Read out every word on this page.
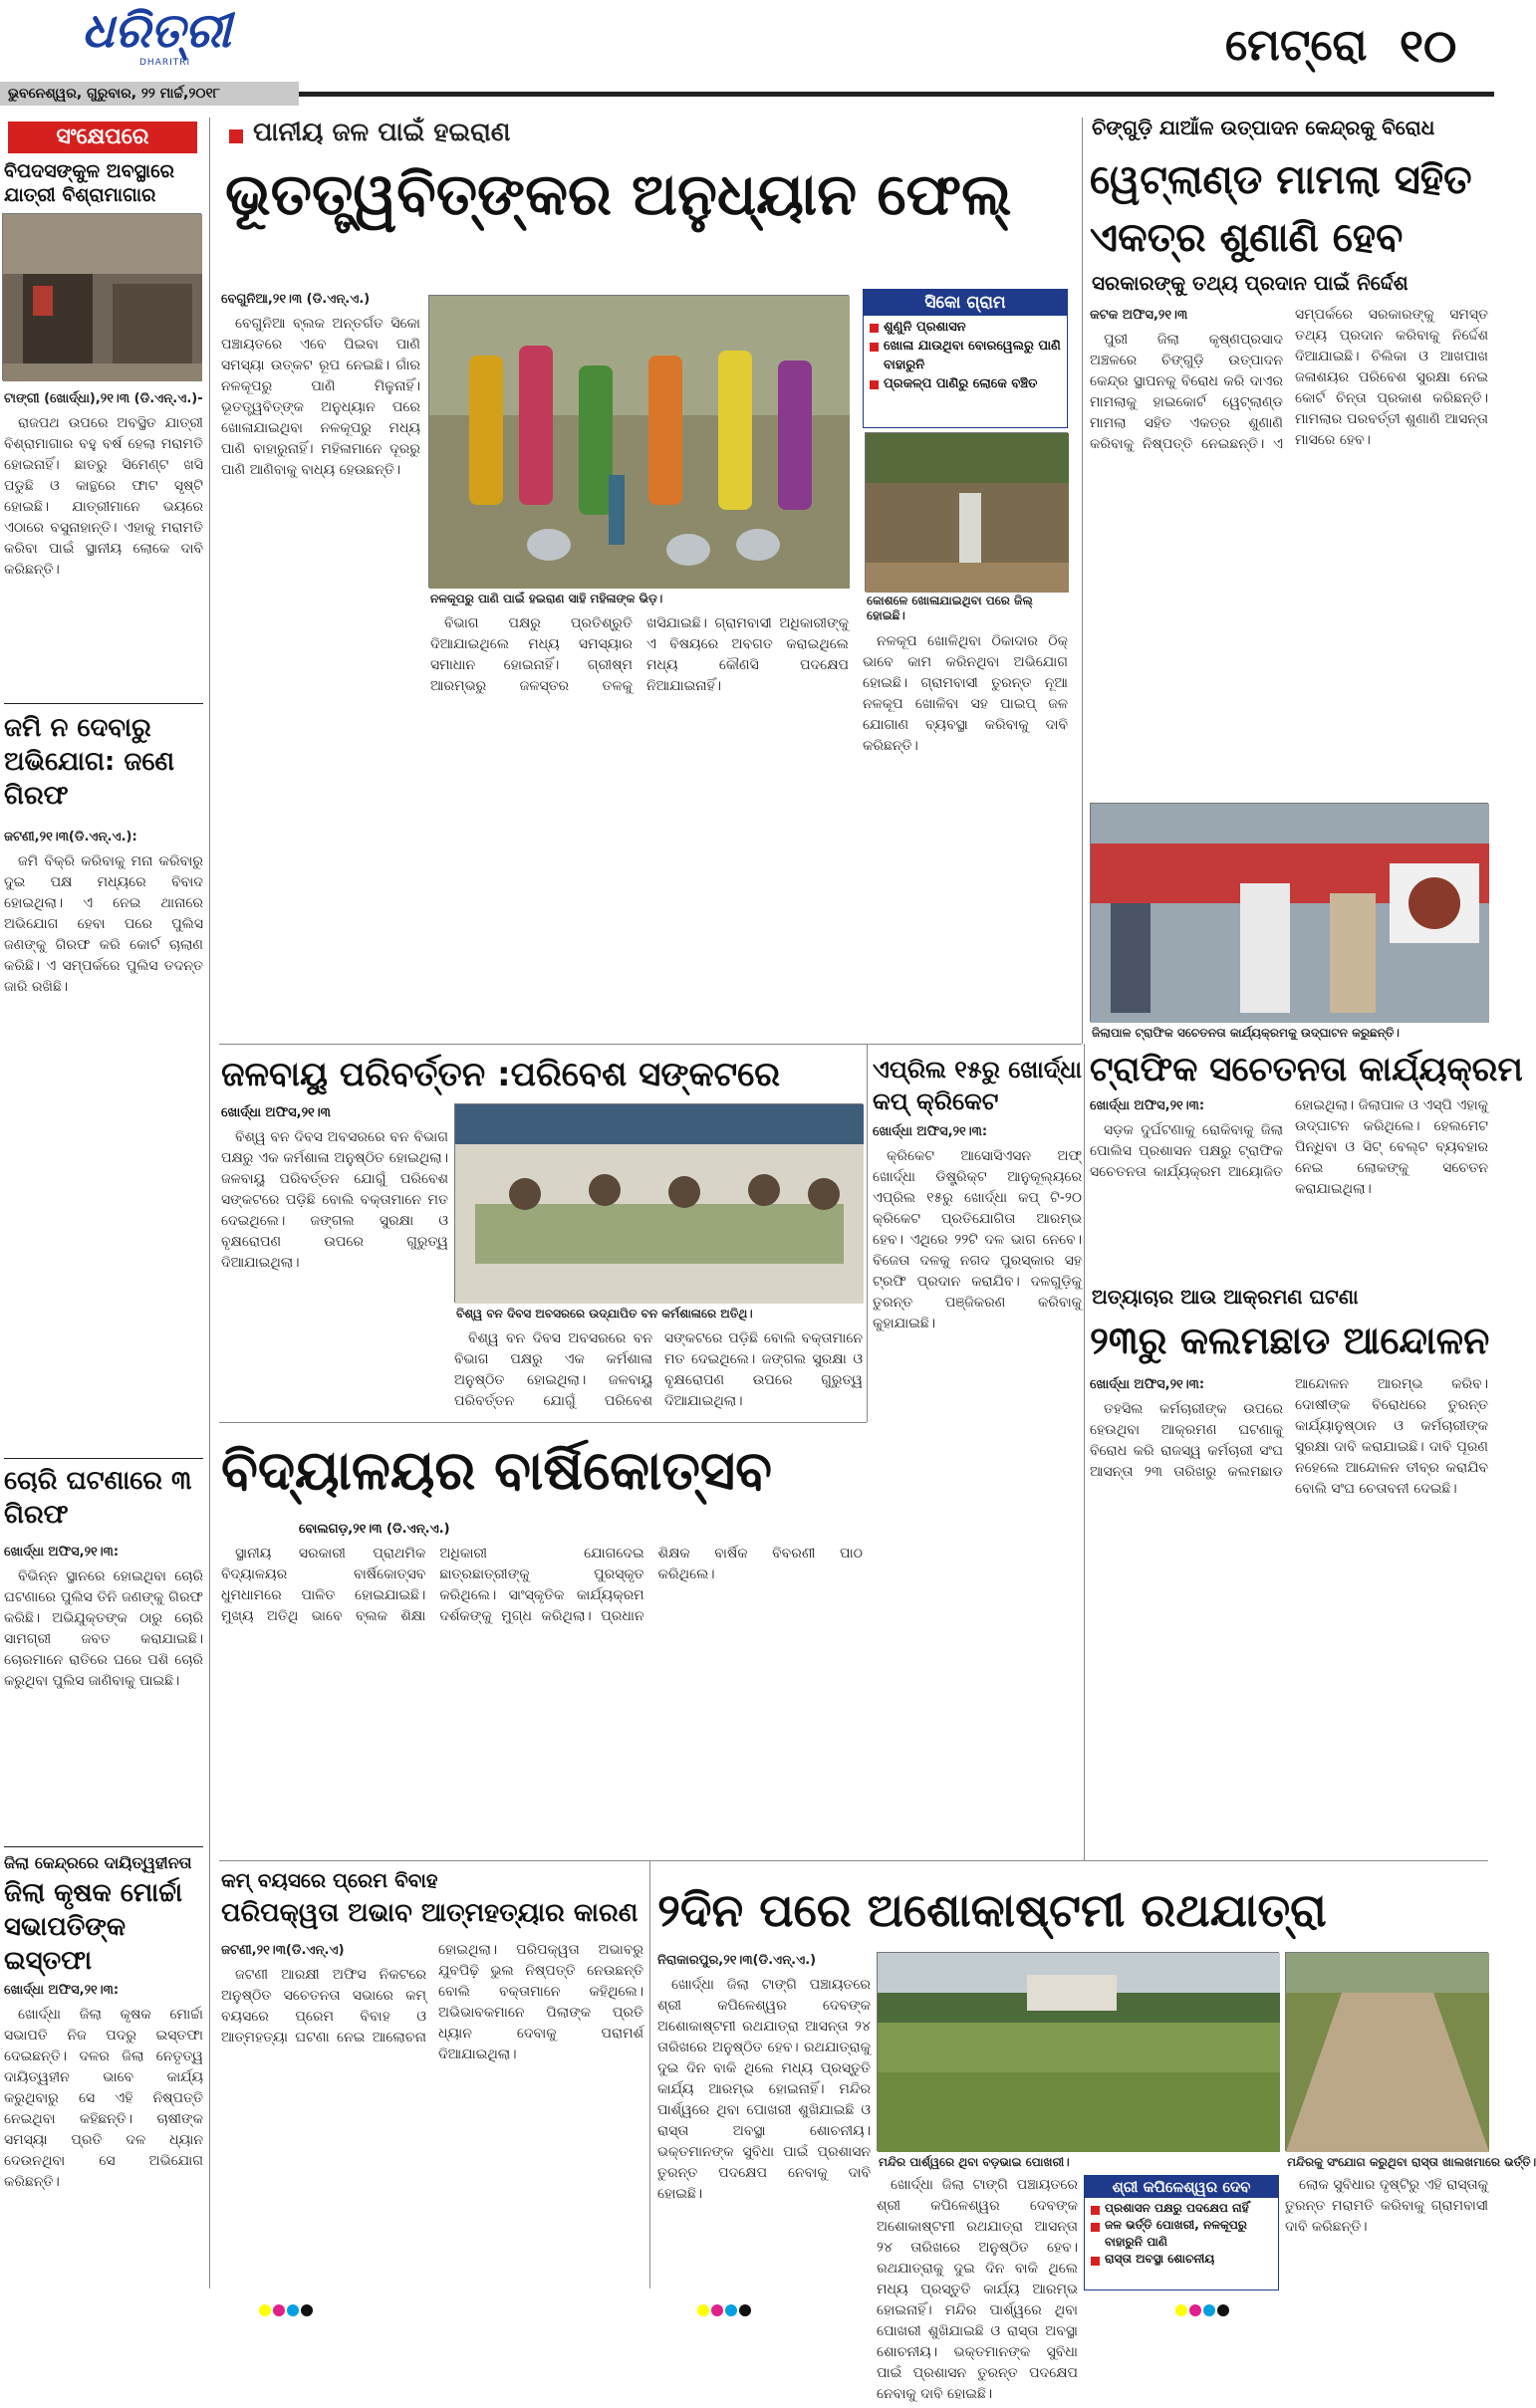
ଧରିତ୍ରୀ
DHARITRI	ମେଟ୍ରୋ ୧୦
ଭୁବନେଶ୍ୱର, ଗୁରୁବାର, ୨୨ ମାର୍ଚ୍ଚ,୨୦୧୮
ସଂକ୍ଷେପରେ
ବିପଦସଙ୍କୁଳ ଅବସ୍ଥାରେ ଯାତ୍ରୀ ବିଶ୍ରାମାଗାର

ଟାଙ୍ଗୀ (ଖୋର୍ଦ୍ଧା),୨୧।୩ (ଡି.ଏନ୍‌.ଏ.)-

ରାଜପଥ ଉପରେ ଅବସ୍ଥିତ ଯାତ୍ରୀ ବିଶ୍ରାମାଗାର ବହୁ ବର୍ଷ ହେଲା ମରାମତି ହୋଇନାହିଁ। ଛାତରୁ ସିମେଣ୍ଟ ଖସି ପଡୁଛି ଓ କାନ୍ଥରେ ଫାଟ ସୃଷ୍ଟି ହୋଇଛି। ଯାତ୍ରୀମାନେ ଭୟରେ ଏଠାରେ ବସୁନାହାନ୍ତି। ଏହାକୁ ମରାମତି କରିବା ପାଇଁ ସ୍ଥାନୀୟ ଲୋକେ ଦାବି କରିଛନ୍ତି।

ଜମି ନ ଦେବାରୁ ଅଭିଯୋଗ: ଜଣେ ଗିରଫ

ଜଟଣୀ,୨୧।୩(ଡି.ଏନ୍‌.ଏ.):

ଜମି ବିକ୍ରି କରିବାକୁ ମନା କରିବାରୁ ଦୁଇ ପକ୍ଷ ମଧ୍ୟରେ ବିବାଦ ହୋଇଥିଲା। ଏ ନେଇ ଥାନାରେ ଅଭିଯୋଗ ହେବା ପରେ ପୁଲିସ ଜଣଙ୍କୁ ଗିରଫ କରି କୋର୍ଟ ଚାଲାଣ କରିଛି। ଏ ସମ୍ପର୍କରେ ପୁଲିସ ତଦନ୍ତ ଜାରି ରଖିଛି।

ଚୋରି ଘଟଣାରେ ୩ ଗିରଫ

ଖୋର୍ଦ୍ଧା ଅଫିସ,୨୧।୩:

ବିଭିନ୍ନ ସ୍ଥାନରେ ହୋଇଥିବା ଚୋରି ଘଟଣାରେ ପୁଲିସ ତିନି ଜଣଙ୍କୁ ଗିରଫ କରିଛି। ଅଭିଯୁକ୍ତଙ୍କ ଠାରୁ ଚୋରି ସାମଗ୍ରୀ ଜବତ କରାଯାଇଛି। ଚୋରମାନେ ରାତିରେ ଘରେ ପଶି ଚୋରି କରୁଥିବା ପୁଲିସ ଜାଣିବାକୁ ପାଇଛି।

ଜିଲା କେନ୍ଦ୍ରରେ ଦାୟିତ୍ୱହୀନତା
ଜିଲା କୃଷକ ମୋର୍ଚ୍ଚା ସଭାପତିଙ୍କ ଇସ୍ତଫା

ଖୋର୍ଦ୍ଧା ଅଫିସ,୨୧।୩:

ଖୋର୍ଦ୍ଧା ଜିଲା କୃଷକ ମୋର୍ଚ୍ଚା ସଭାପତି ନିଜ ପଦରୁ ଇସ୍ତଫା ଦେଇଛନ୍ତି। ଦଳର ଜିଲା ନେତୃତ୍ୱ ଦାୟିତ୍ୱହୀନ ଭାବେ କାର୍ଯ୍ୟ କରୁଥିବାରୁ ସେ ଏହି ନିଷ୍ପତ୍ତି ନେଇଥିବା କହିଛନ୍ତି। ଚାଷୀଙ୍କ ସମସ୍ୟା ପ୍ରତି ଦଳ ଧ୍ୟାନ ଦେଉନଥିବା ସେ ଅଭିଯୋଗ କରିଛନ୍ତି।

ପାନୀୟ ଜଳ ପାଇଁ ହଇରାଣ
ଭୂତତ୍ତ୍ୱବିତ୍‌ଙ୍କର ଅନୁଧ୍ୟାନ ଫେଲ୍‌

ବେଗୁନିଆ,୨୧।୩ (ଡି.ଏନ୍‌.ଏ.)

ବେଗୁନିଆ ବ୍ଲକ ଅନ୍ତର୍ଗତ ସିକୋ ପଞ୍ଚାୟତରେ ଏବେ ପିଇବା ପାଣି ସମସ୍ୟା ଉତ୍କଟ ରୂପ ନେଇଛି। ଗାଁର ନଳକୂପରୁ ପାଣି ମିଳୁନାହିଁ। ଭୂତତ୍ତ୍ୱବିତ୍‌ଙ୍କ ଅନୁଧ୍ୟାନ ପରେ ଖୋଳାଯାଇଥିବା ନଳକୂପରୁ ମଧ୍ୟ ପାଣି ବାହାରୁନାହିଁ। ମହିଳାମାନେ ଦୂରରୁ ପାଣି ଆଣିବାକୁ ବାଧ୍ୟ ହେଉଛନ୍ତି।

ନଳକୂପରୁ ପାଣି ପାଇଁ ହଇରାଣ ସାହି ମହିଳାଙ୍କ ଭିଡ଼।
ସିକୋ ଗ୍ରାମ
ଶୁଣୁନି ପ୍ରଶାସନ
ଖୋଳା ଯାଉଥିବା ବୋରୱେଲରୁ ପାଣି ବାହାରୁନି
ପ୍ରକଳ୍ପ ପାଣିରୁ ଲୋକେ ବଞ୍ଚିତ
କୋଶଳେ ଖୋଳାଯାଇଥିବା ପରେ ଜିଲ୍ ହୋଇଛି।

ବିଭାଗ ପକ୍ଷରୁ ପ୍ରତିଶ୍ରୁତି ଦିଆଯାଇଥିଲେ ମଧ୍ୟ ସମସ୍ୟାର ସମାଧାନ ହୋଇନାହିଁ। ଗ୍ରୀଷ୍ମ ଆରମ୍ଭରୁ ଜଳସ୍ତର ତଳକୁ ଖସିଯାଇଛି। ଗ୍ରାମବାସୀ ଅଧିକାରୀଙ୍କୁ ଏ ବିଷୟରେ ଅବଗତ କରାଇଥିଲେ ମଧ୍ୟ କୌଣସି ପଦକ୍ଷେପ ନିଆଯାଇନାହିଁ।

ନଳକୂପ ଖୋଳିଥିବା ଠିକାଦାର ଠିକ୍‌ ଭାବେ କାମ କରିନଥିବା ଅଭିଯୋଗ ହୋଇଛି। ଗ୍ରାମବାସୀ ତୁରନ୍ତ ନୂଆ ନଳକୂପ ଖୋଳିବା ସହ ପାଇପ୍‌ ଜଳ ଯୋଗାଣ ବ୍ୟବସ୍ଥା କରିବାକୁ ଦାବି କରିଛନ୍ତି।

ଚିଙ୍ଗୁଡ଼ି ଯାଆଁଳ ଉତ୍ପାଦନ କେନ୍ଦ୍ରକୁ ବିରୋଧ
ୱେଟ୍‌ଲାଣ୍ଡ ମାମଲା ସହିତ ଏକତ୍ର ଶୁଣାଣି ହେବ
ସରକାରଙ୍କୁ ତଥ୍ୟ ପ୍ରଦାନ ପାଇଁ ନିର୍ଦ୍ଦେଶ

କଟକ ଅଫିସ,୨୧।୩

ପୁରୀ ଜିଲା କୃଷ୍ଣପ୍ରସାଦ ଅଞ୍ଚଳରେ ଚିଙ୍ଗୁଡ଼ି ଉତ୍ପାଦନ କେନ୍ଦ୍ର ସ୍ଥାପନକୁ ବିରୋଧ କରି ଦାଏର ମାମଲାକୁ ହାଇକୋର୍ଟ ୱେଟ୍‌ଲାଣ୍ଡ ମାମଲା ସହିତ ଏକତ୍ର ଶୁଣାଣି କରିବାକୁ ନିଷ୍ପତ୍ତି ନେଇଛନ୍ତି। ଏ ସମ୍ପର୍କରେ ସରକାରଙ୍କୁ ସମସ୍ତ ତଥ୍ୟ ପ୍ରଦାନ କରିବାକୁ ନିର୍ଦ୍ଦେଶ ଦିଆଯାଇଛି। ଚିଲିକା ଓ ଆଖପାଖ ଜଳାଶୟର ପରିବେଶ ସୁରକ୍ଷା ନେଇ କୋର୍ଟ ଚିନ୍ତା ପ୍ରକାଶ କରିଛନ୍ତି। ମାମଲାର ପରବର୍ତ୍ତୀ ଶୁଣାଣି ଆସନ୍ତା ମାସରେ ହେବ।

ଜିଲାପାଳ ଟ୍ରାଫିକ ସଚେତନତା କାର୍ଯ୍ୟକ୍ରମକୁ ଉଦ୍‌ଘାଟନ କରୁଛନ୍ତି।
ଟ୍ରାଫିକ ସଚେତନତା କାର୍ଯ୍ୟକ୍ରମ

ଖୋର୍ଦ୍ଧା ଅଫିସ,୨୧।୩:

ସଡ଼କ ଦୁର୍ଘଟଣାକୁ ରୋକିବାକୁ ଜିଲା ପୋଲିସ ପ୍ରଶାସନ ପକ୍ଷରୁ ଟ୍ରାଫିକ ସଚେତନତା କାର୍ଯ୍ୟକ୍ରମ ଆୟୋଜିତ ହୋଇଥିଲା। ଜିଲାପାଳ ଓ ଏସ୍‌ପି ଏହାକୁ ଉଦ୍‌ଘାଟନ କରିଥିଲେ। ହେଲମେଟ ପିନ୍ଧିବା ଓ ସିଟ୍‌ ବେଲ୍ଟ ବ୍ୟବହାର ନେଇ ଲୋକଙ୍କୁ ସଚେତନ କରାଯାଇଥିଲା।

ଜଳବାୟୁ ପରିବର୍ତ୍ତନ :ପରିବେଶ ସଙ୍କଟରେ
ଖୋର୍ଦ୍ଧା ଅଫିସ,୨୧।୩

ବିଶ୍ୱ ବନ ଦିବସ ଅବସରରେ ବନ ବିଭାଗ ପକ୍ଷରୁ ଏକ କର୍ମଶାଳା ଅନୁଷ୍ଠିତ ହୋଇଥିଲା। ଜଳବାୟୁ ପରିବର୍ତ୍ତନ ଯୋଗୁଁ ପରିବେଶ ସଙ୍କଟରେ ପଡ଼ିଛି ବୋଲି ବକ୍ତାମାନେ ମତ ଦେଇଥିଲେ। ଜଙ୍ଗଲ ସୁରକ୍ଷା ଓ ବୃକ୍ଷରୋପଣ ଉପରେ ଗୁରୁତ୍ୱ ଦିଆଯାଇଥିଲା।

ବିଶ୍ୱ ବନ ଦିବସ ଅବସରରେ ଉଦ୍‌ଯାପିତ ବନ କର୍ମଶାଳାରେ ଅତିଥି।

ବିଶ୍ୱ ବନ ଦିବସ ଅବସରରେ ବନ ବିଭାଗ ପକ୍ଷରୁ ଏକ କର୍ମଶାଳା ଅନୁଷ୍ଠିତ ହୋଇଥିଲା। ଜଳବାୟୁ ପରିବର୍ତ୍ତନ ଯୋଗୁଁ ପରିବେଶ ସଙ୍କଟରେ ପଡ଼ିଛି ବୋଲି ବକ୍ତାମାନେ ମତ ଦେଇଥିଲେ। ଜଙ୍ଗଲ ସୁରକ୍ଷା ଓ ବୃକ୍ଷରୋପଣ ଉପରେ ଗୁରୁତ୍ୱ ଦିଆଯାଇଥିଲା।

ଏପ୍ରିଲ ୧୫ରୁ ଖୋର୍ଦ୍ଧା କପ୍ କ୍ରିକେଟ

ଖୋର୍ଦ୍ଧା ଅଫିସ,୨୧।୩:

କ୍ରିକେଟ ଆସୋସିଏସନ ଅଫ୍‌ ଖୋର୍ଦ୍ଧା ଡିଷ୍ଟ୍ରିକ୍ଟ ଆନୁକୂଲ୍ୟରେ ଏପ୍ରିଲ ୧୫ରୁ ଖୋର୍ଦ୍ଧା କପ୍ ଟି-୨୦ କ୍ରିକେଟ ପ୍ରତିଯୋଗିତା ଆରମ୍ଭ ହେବ। ଏଥିରେ ୨୨ଟି ଦଳ ଭାଗ ନେବେ। ବିଜେତା ଦଳକୁ ନଗଦ ପୁରସ୍କାର ସହ ଟ୍ରଫି ପ୍ରଦାନ କରାଯିବ। ଦଳଗୁଡ଼ିକୁ ତୁରନ୍ତ ପଞ୍ଜିକରଣ କରିବାକୁ କୁହାଯାଇଛି।

ଅତ୍ୟାଚାର ଆଉ ଆକ୍ରମଣ ଘଟଣା
୨୩ରୁ କଲମଛାଡ ଆନ୍ଦୋଳନ

ଖୋର୍ଦ୍ଧା ଅଫିସ,୨୧।୩:

ତହସିଲ କର୍ମଚାରୀଙ୍କ ଉପରେ ହେଉଥିବା ଆକ୍ରମଣ ଘଟଣାକୁ ବିରୋଧ କରି ରାଜସ୍ୱ କର୍ମଚାରୀ ସଂଘ ଆସନ୍ତା ୨୩ ତାରିଖରୁ କଲମଛାଡ ଆନ୍ଦୋଳନ ଆରମ୍ଭ କରିବ। ଦୋଷୀଙ୍କ ବିରୋଧରେ ତୁରନ୍ତ କାର୍ଯ୍ୟାନୁଷ୍ଠାନ ଓ କର୍ମଚାରୀଙ୍କ ସୁରକ୍ଷା ଦାବି କରାଯାଇଛି। ଦାବି ପୂରଣ ନହେଲେ ଆନ୍ଦୋଳନ ତୀବ୍ର କରାଯିବ ବୋଲି ସଂଘ ଚେତାବନୀ ଦେଇଛି।

ବିଦ୍ୟାଳୟର ବାର୍ଷିକୋତ୍ସବ
ବୋଲଗଡ଼,୨୧।୩ (ଡି.ଏନ୍‌.ଏ.)

ସ୍ଥାନୀୟ ସରକାରୀ ପ୍ରାଥମିକ ବିଦ୍ୟାଳୟର ବାର୍ଷିକୋତ୍ସବ ଧୁମଧାମରେ ପାଳିତ ହୋଇଯାଇଛି। ମୁଖ୍ୟ ଅତିଥି ଭାବେ ବ୍ଲକ ଶିକ୍ଷା ଅଧିକାରୀ ଯୋଗଦେଇ ଛାତ୍ରଛାତ୍ରୀଙ୍କୁ ପୁରସ୍କୃତ କରିଥିଲେ। ସାଂସ୍କୃତିକ କାର୍ଯ୍ୟକ୍ରମ ଦର୍ଶକଙ୍କୁ ମୁଗ୍ଧ କରିଥିଲା। ପ୍ରଧାନ ଶିକ୍ଷକ ବାର୍ଷିକ ବିବରଣୀ ପାଠ କରିଥିଲେ।

କମ୍ ବୟସରେ ପ୍ରେମ ବିବାହ
ପରିପକ୍ୱତା ଅଭାବ ଆତ୍ମହତ୍ୟାର କାରଣ

ଜଟଣୀ,୨୧।୩(ଡି.ଏନ୍‌.ଏ)

ଜଟଣୀ ଆରକ୍ଷୀ ଅଫିସ ନିକଟରେ ଅନୁଷ୍ଠିତ ସଚେତନତା ସଭାରେ କମ୍ ବୟସରେ ପ୍ରେମ ବିବାହ ଓ ଆତ୍ମହତ୍ୟା ଘଟଣା ନେଇ ଆଲୋଚନା ହୋଇଥିଲା। ପରିପକ୍ୱତା ଅଭାବରୁ ଯୁବପିଢ଼ି ଭୁଲ ନିଷ୍ପତ୍ତି ନେଉଛନ୍ତି ବୋଲି ବକ୍ତାମାନେ କହିଥିଲେ। ଅଭିଭାବକମାନେ ପିଲାଙ୍କ ପ୍ରତି ଧ୍ୟାନ ଦେବାକୁ ପରାମର୍ଶ ଦିଆଯାଇଥିଲା।

୨ଦିନ ପରେ ଅଶୋକାଷ୍ଟମୀ ରଥଯାତ୍ରା

ନିରାକାରପୁର,୨୧।୩(ଡି.ଏନ୍‌.ଏ.)

ଖୋର୍ଦ୍ଧା ଜିଲା ଟାଙ୍ଗି ପଞ୍ଚାୟତରେ ଶ୍ରୀ କପିଳେଶ୍ୱର ଦେବଙ୍କ ଅଶୋକାଷ୍ଟମୀ ରଥଯାତ୍ରା ଆସନ୍ତା ୨୪ ତାରିଖରେ ଅନୁଷ୍ଠିତ ହେବ। ରଥଯାତ୍ରାକୁ ଦୁଇ ଦିନ ବାକି ଥିଲେ ମଧ୍ୟ ପ୍ରସ୍ତୁତି କାର୍ଯ୍ୟ ଆରମ୍ଭ ହୋଇନାହିଁ। ମନ୍ଦିର ପାର୍ଶ୍ୱରେ ଥିବା ପୋଖରୀ ଶୁଖିଯାଇଛି ଓ ରାସ୍ତା ଅବସ୍ଥା ଶୋଚନୀୟ। ଭକ୍ତମାନଙ୍କ ସୁବିଧା ପାଇଁ ପ୍ରଶାସନ ତୁରନ୍ତ ପଦକ୍ଷେପ ନେବାକୁ ଦାବି ହୋଇଛି।

ମନ୍ଦିର ପାର୍ଶ୍ୱରେ ଥିବା ବଡ଼ଭାଇ ପୋଖରୀ।	ମନ୍ଦିରକୁ ସଂଯୋଗ କରୁଥିବା ରାସ୍ତା ଖାଲଖମାରେ ଭର୍ତ୍ତି।

ଖୋର୍ଦ୍ଧା ଜିଲା ଟାଙ୍ଗି ପଞ୍ଚାୟତରେ ଶ୍ରୀ କପିଳେଶ୍ୱର ଦେବଙ୍କ ଅଶୋକାଷ୍ଟମୀ ରଥଯାତ୍ରା ଆସନ୍ତା ୨୪ ତାରିଖରେ ଅନୁଷ୍ଠିତ ହେବ। ରଥଯାତ୍ରାକୁ ଦୁଇ ଦିନ ବାକି ଥିଲେ ମଧ୍ୟ ପ୍ରସ୍ତୁତି କାର୍ଯ୍ୟ ଆରମ୍ଭ ହୋଇନାହିଁ। ମନ୍ଦିର ପାର୍ଶ୍ୱରେ ଥିବା ପୋଖରୀ ଶୁଖିଯାଇଛି ଓ ରାସ୍ତା ଅବସ୍ଥା ଶୋଚନୀୟ। ଭକ୍ତମାନଙ୍କ ସୁବିଧା ପାଇଁ ପ୍ରଶାସନ ତୁରନ୍ତ ପଦକ୍ଷେପ ନେବାକୁ ଦାବି ହୋଇଛି।

ଶ୍ରୀ କପିଳେଶ୍ୱର ଦେବ
ପ୍ରଶାସନ ପକ୍ଷରୁ ପଦକ୍ଷେପ ନାହିଁ
ଜଳ ଭର୍ତ୍ତି ପୋଖରୀ, ନଳକୂପରୁ ବାହାରୁନି ପାଣି
ରାସ୍ତା ଅବସ୍ଥା ଶୋଚନୀୟ

ଲୋକ ସୁବିଧାର ଦୃଷ୍ଟିରୁ ଏହି ରାସ୍ତାକୁ ତୁରନ୍ତ ମରାମତି କରିବାକୁ ଗ୍ରାମବାସୀ ଦାବି କରିଛନ୍ତି।
